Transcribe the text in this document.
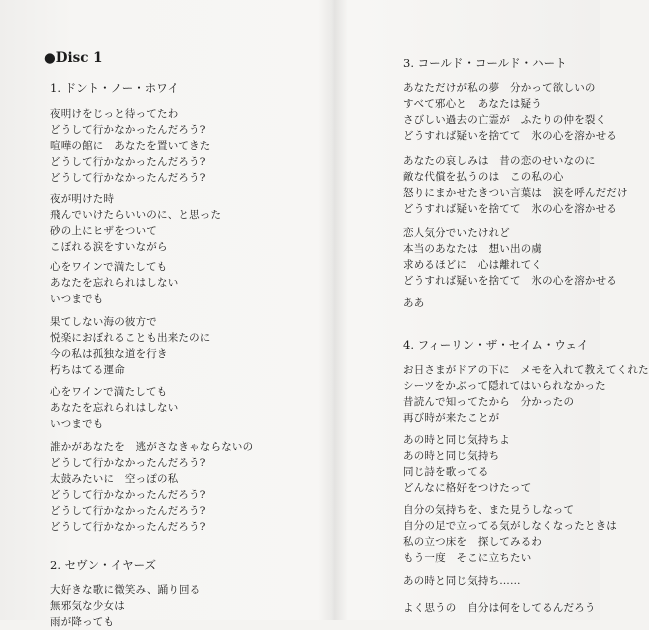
●Disc 1
1. ドント・ノー・ホワイ
夜明けをじっと待ってたわ
どうして行かなかったんだろう?
喧嘩の館に　あなたを置いてきた
どうして行かなかったんだろう?
どうして行かなかったんだろう?
夜が明けた時
飛んでいけたらいいのに、と思った
砂の上にヒザをついて
こぼれる涙をすいながら
心をワインで満たしても
あなたを忘れられはしない
いつまでも
果てしない海の彼方で
悦楽におぼれることも出来たのに
今の私は孤独な道を行き
朽ちはてる運命
心をワインで満たしても
あなたを忘れられはしない
いつまでも
誰かがあなたを　逃がさなきゃならないの
どうして行かなかったんだろう?
太鼓みたいに　空っぽの私
どうして行かなかったんだろう?
どうして行かなかったんだろう?
どうして行かなかったんだろう?
2. セヴン・イヤーズ
大好きな歌に微笑み、踊り回る
無邪気な少女は
雨が降っても
3. コールド・コールド・ハート
あなただけが私の夢　分かって欲しいの
すべて邪心と　あなたは疑う
さびしい過去の亡霊が　ふたりの仲を裂く
どうすれば疑いを捨てて　氷の心を溶かせる
あなたの哀しみは　昔の恋のせいなのに
敵な代償を払うのは　この私の心
怒りにまかせたきつい言葉は　涙を呼んだだけ
どうすれば疑いを捨てて　氷の心を溶かせる
恋人気分でいたけれど
本当のあなたは　想い出の虜
求めるほどに　心は離れてく
どうすれば疑いを捨てて　氷の心を溶かせる
ああ
4. フィーリン・ザ・セイム・ウェイ
お日さまがドアの下に　メモを入れて教えてくれた
シーツをかぶって隠れてはいられなかった
昔読んで知ってたから　分かったの
再び時が来たことが
あの時と同じ気持ちよ
あの時と同じ気持ち
同じ詩を歌ってる
どんなに格好をつけたって
自分の気持ちを、また見うしなって
自分の足で立ってる気がしなくなったときは
私の立つ床を　探してみるわ
もう一度　そこに立ちたい
あの時と同じ気持ち……
よく思うの　自分は何をしてるんだろう
